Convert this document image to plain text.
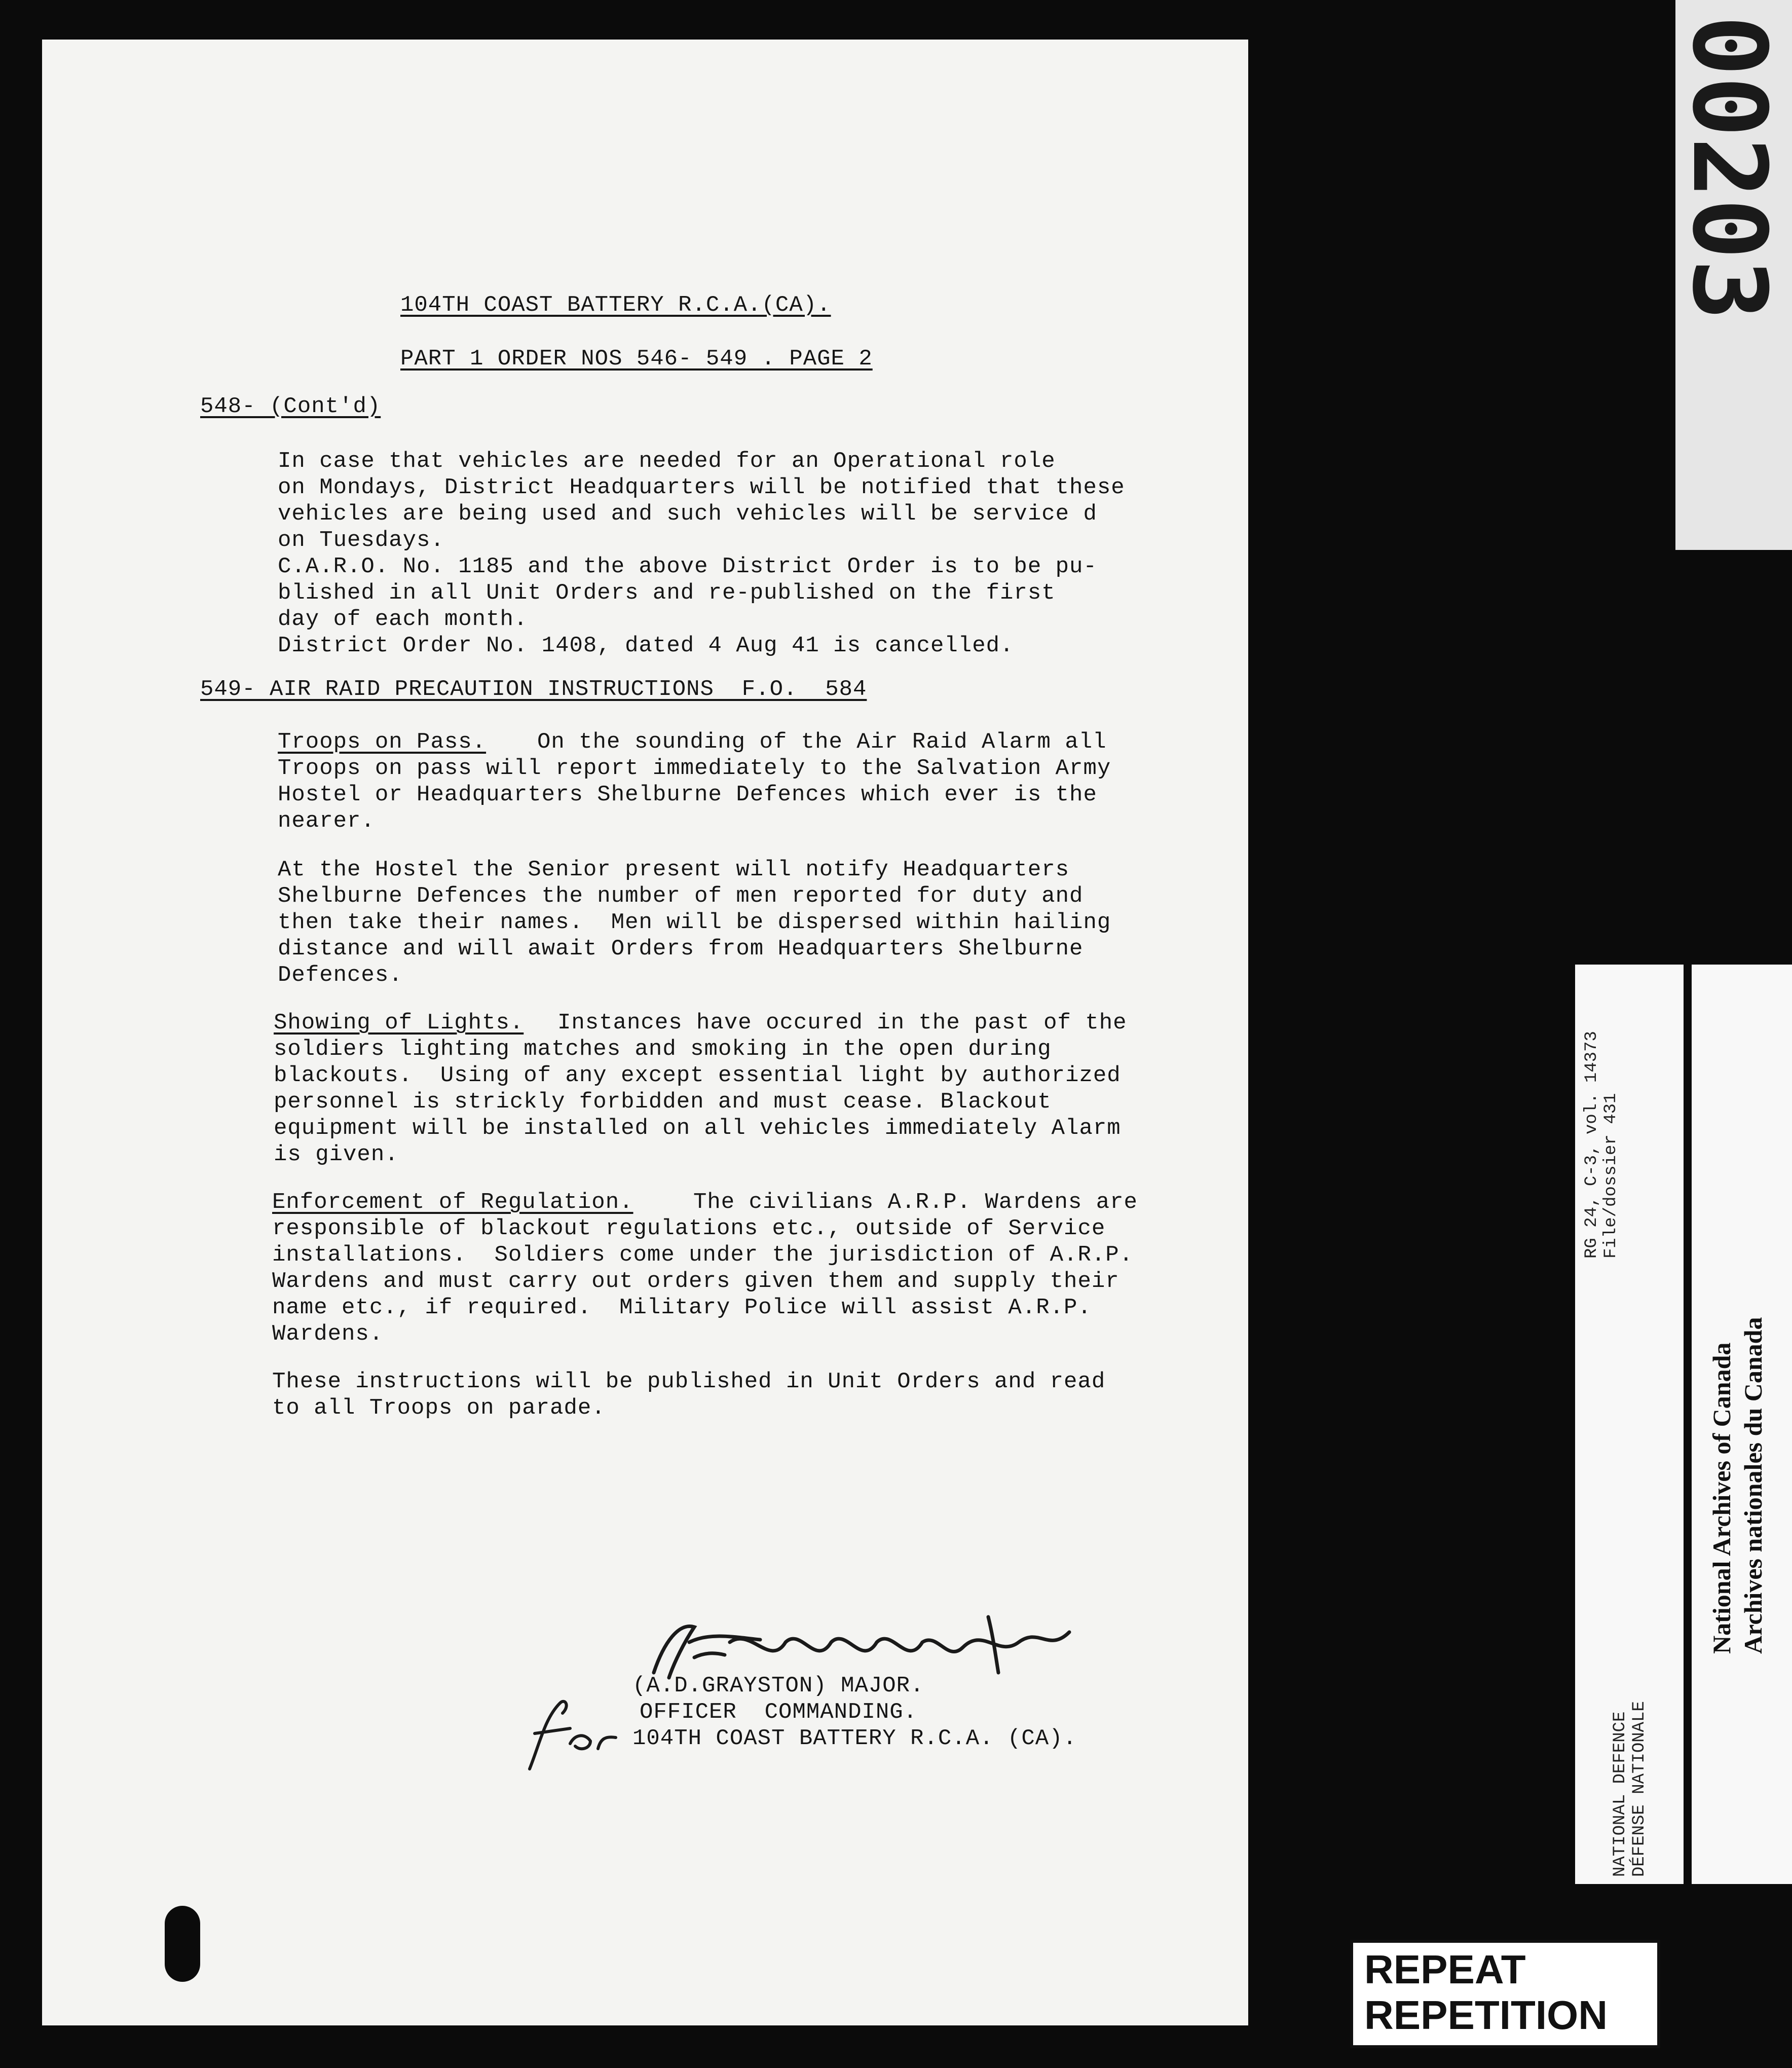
104TH COAST BATTERY R.C.A.(CA).
PART 1 ORDER NOS 546- 549 . PAGE 2
548- (Cont'd)
In case that vehicles are needed for an Operational role
on Mondays, District Headquarters will be notified that these
vehicles are being used and such vehicles will be service d
on Tuesdays.
C.A.R.O. No. 1185 and the above District Order is to be pu-
blished in all Unit Orders and re-published on the first
day of each month.
District Order No. 1408, dated 4 Aug 41 is cancelled.
549- AIR RAID PRECAUTION INSTRUCTIONS  F.O.  584
Troops on Pass. On the sounding of the Air Raid Alarm all
Troops on pass will report immediately to the Salvation Army
Hostel or Headquarters Shelburne Defences which ever is the
nearer.
At the Hostel the Senior present will notify Headquarters
Shelburne Defences the number of men reported for duty and
then take their names.  Men will be dispersed within hailing
distance and will await Orders from Headquarters Shelburne
Defences.
Showing of Lights. Instances have occured in the past of the
soldiers lighting matches and smoking in the open during
blackouts.  Using of any except essential light by authorized
personnel is strickly forbidden and must cease. Blackout
equipment will be installed on all vehicles immediately Alarm
is given.
Enforcement of Regulation.	The civilians A.R.P. Wardens are
responsible of blackout regulations etc., outside of Service
installations.  Soldiers come under the jurisdiction of A.R.P.
Wardens and must carry out orders given them and supply their
name etc., if required.  Military Police will assist A.R.P.
Wardens.
These instructions will be published in Unit Orders and read
to all Troops on parade.
(A.D.GRAYSTON) MAJOR.
OFFICER  COMMANDING.
104TH COAST BATTERY R.C.A. (CA).
00203
RG 24, C-3, vol. 14373 File/dossier 431
NATIONAL DEFENCE DÉFENSE NATIONALE
National Archives of Canada Archives nationales du Canada
REPEAT
REPETITION
